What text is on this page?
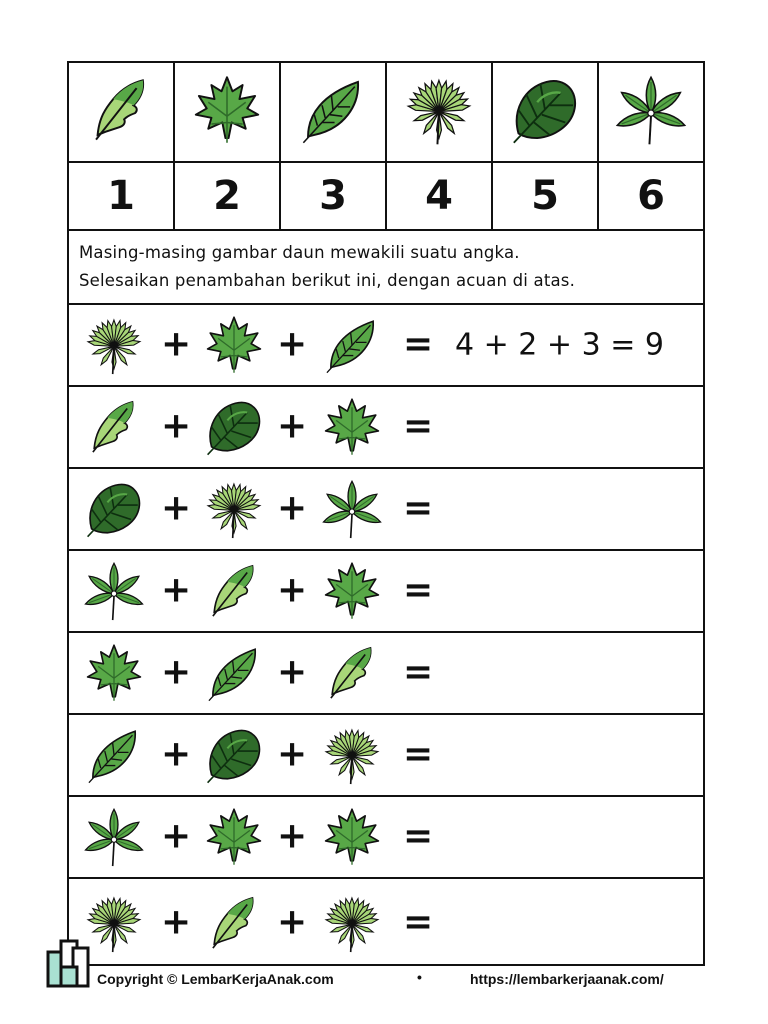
1 2 3 4 5 6

Masing-masing gambar daun mewakili suatu angka.

Selesaikan penambahan berikut ini, dengan acuan di atas.

+ +	= 4 + 2 + 3 = 9
+ +	=
+ +	=
+ +	=
+ +	=
+ +	=
+ +	=
+ +	=
Copyright © LembarKerjaAnak.com	•	https://lembarkerjaanak.com/
